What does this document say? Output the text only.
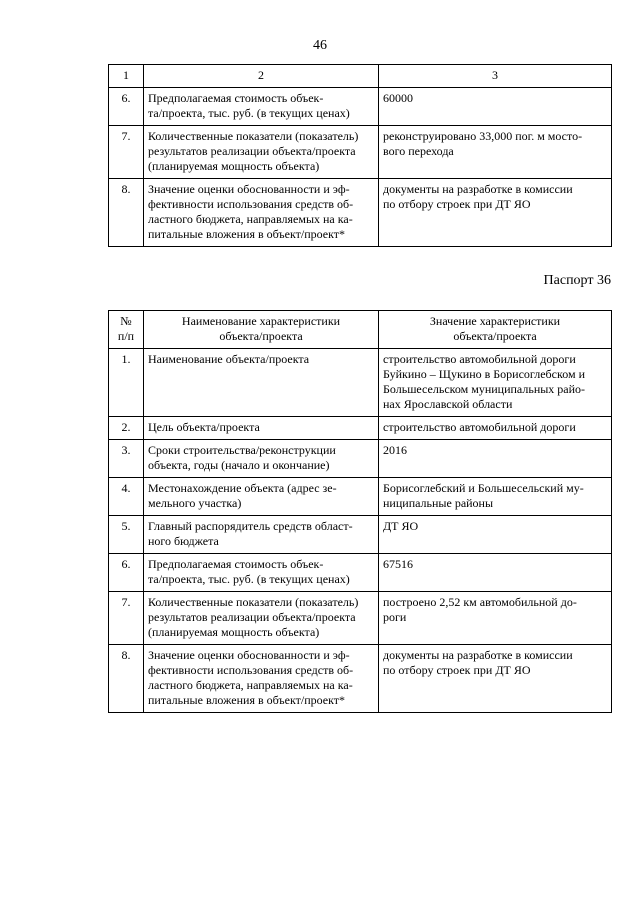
46
1	2	3
6.	Предполагаемая стоимость объек-
та/проекта, тыс. руб. (в текущих ценах)	60000
7.	Количественные показатели (показатель)
результатов реализации объекта/проекта
(планируемая мощность объекта)	реконструировано 33,000 пог. м мосто-
вого перехода
8.	Значение оценки обоснованности и эф-
фективности использования средств об-
ластного бюджета, направляемых на ка-
питальные вложения в объект/проект*	документы на разработке в комиссии
по отбору строек при ДТ ЯО
Паспорт 36
№
п/п	Наименование характеристики
объекта/проекта	Значение характеристики
объекта/проекта
1.	Наименование объекта/проекта	строительство автомобильной дороги
Буйкино – Щукино в Борисоглебском и
Большесельском муниципальных райо-
нах Ярославской области
2.	Цель объекта/проекта	строительство автомобильной дороги
3.	Сроки строительства/реконструкции
объекта, годы (начало и окончание)	2016
4.	Местонахождение объекта (адрес зе-
мельного участка)	Борисоглебский и Большесельский му-
ниципальные районы
5.	Главный распорядитель средств област-
ного бюджета	ДТ ЯО
6.	Предполагаемая стоимость объек-
та/проекта, тыс. руб. (в текущих ценах)	67516
7.	Количественные показатели (показатель)
результатов реализации объекта/проекта
(планируемая мощность объекта)	построено 2,52 км автомобильной до-
роги
8.	Значение оценки обоснованности и эф-
фективности использования средств об-
ластного бюджета, направляемых на ка-
питальные вложения в объект/проект*	документы на разработке в комиссии
по отбору строек при ДТ ЯО
